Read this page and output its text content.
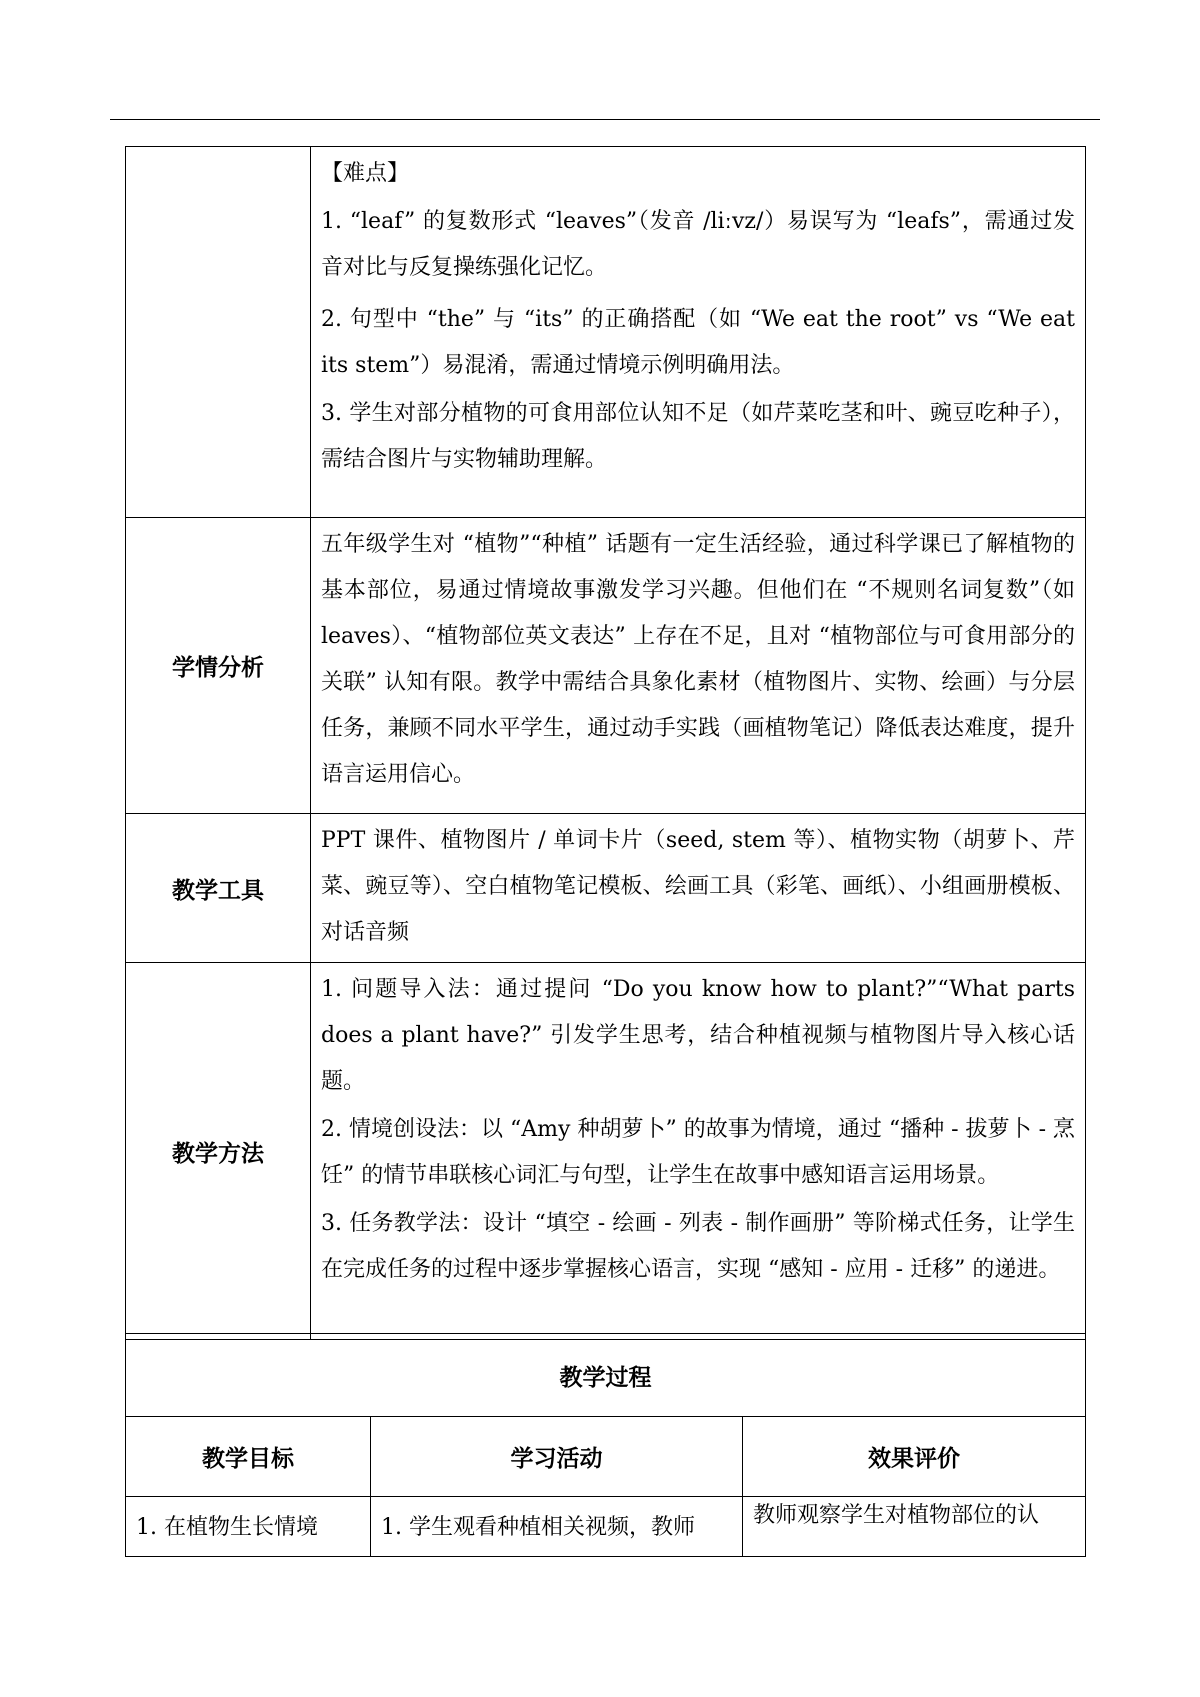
	【难点】

1. “leaf” 的复数形式 “leaves”（发音 /liːvz/）易误写为 “leafs”，需通过发音对比与反复操练强化记忆。

2. 句型中 “the” 与 “its” 的正确搭配（如 “We eat the root” vs “We eat its stem”）易混淆，需通过情境示例明确用法。

3. 学生对部分植物的可食用部位认知不足（如芹菜吃茎和叶、豌豆吃种子），需结合图片与实物辅助理解。

学情分析	五年级学生对 “植物”“种植” 话题有一定生活经验，通过科学课已了解植物的基本部位，易通过情境故事激发学习兴趣。但他们在 “不规则名词复数”（如 leaves）、“植物部位英文表达” 上存在不足，且对 “植物部位与可食用部分的关联” 认知有限。教学中需结合具象化素材（植物图片、实物、绘画）与分层任务，兼顾不同水平学生，通过动手实践（画植物笔记）降低表达难度，提升语言运用信心。

教学工具	PPT 课件、植物图片 / 单词卡片（seed, stem 等）、植物实物（胡萝卜、芹菜、豌豆等）、空白植物笔记模板、绘画工具（彩笔、画纸）、小组画册模板、对话音频

教学方法	1. 问题导入法：通过提问 “Do you know how to plant?”“What parts does a plant have?” 引发学生思考，结合种植视频与植物图片导入核心话题。

2. 情境创设法：以 “Amy 种胡萝卜” 的故事为情境，通过 “播种 - 拔萝卜 - 烹饪” 的情节串联核心词汇与句型，让学生在故事中感知语言运用场景。

3. 任务教学法：设计 “填空 - 绘画 - 列表 - 制作画册” 等阶梯式任务，让学生在完成任务的过程中逐步掌握核心语言，实现 “感知 - 应用 - 迁移” 的递进。

教学过程		
教学目标	学习活动	效果评价
1. 在植物生长情境	1. 学生观看种植相关视频，教师	教师观察学生对植物部位的认
